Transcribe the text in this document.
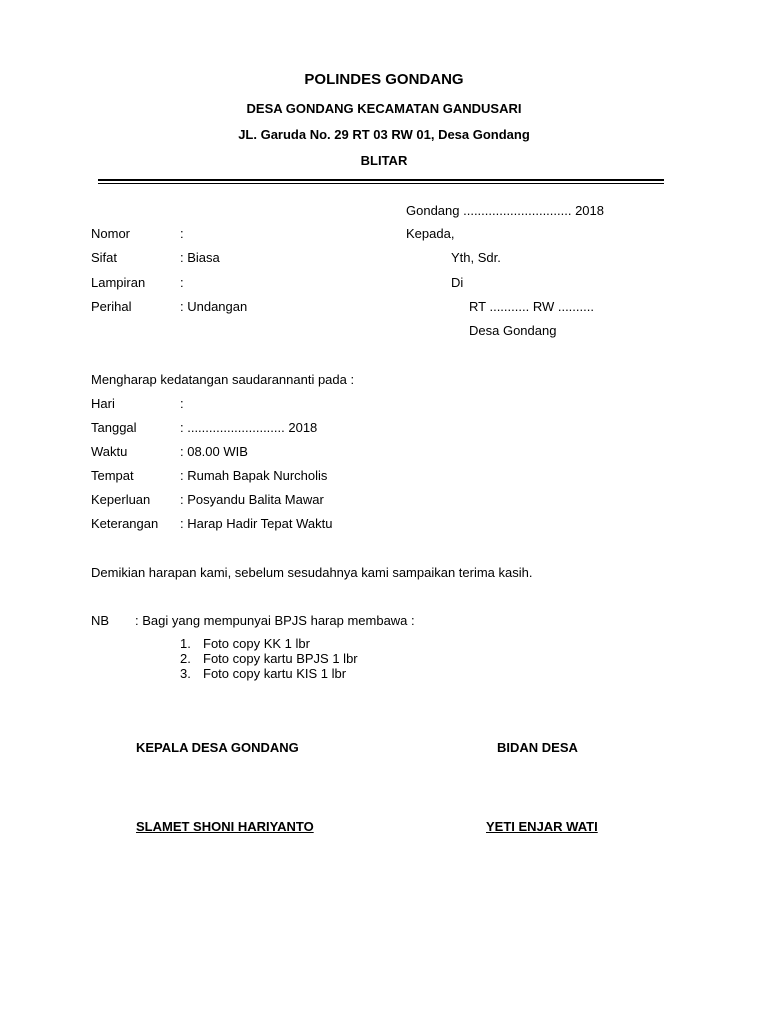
POLINDES GONDANG
DESA GONDANG KECAMATAN GANDUSARI
JL. Garuda No. 29 RT 03 RW 01, Desa Gondang
BLITAR
Gondang .............................. 2018
Nomor	:
Sifat	: Biasa
Lampiran	:
Perihal	: Undangan
Kepada,
Yth, Sdr.
Di
RT ........... RW ..........
Desa Gondang
Mengharap kedatangan saudarannanti pada :
Hari	:
Tanggal	: ........................... 2018
Waktu	: 08.00 WIB
Tempat	: Rumah Bapak Nurcholis
Keperluan : Posyandu Balita Mawar
Keterangan : Harap Hadir Tepat Waktu
Demikian harapan kami, sebelum sesudahnya kami sampaikan terima kasih.
NB : Bagi yang mempunyai BPJS harap membawa :
1. Foto copy KK 1 lbr
2. Foto copy kartu BPJS 1 lbr
3. Foto copy kartu KIS 1 lbr
KEPALA DESA GONDANG	BIDAN DESA
SLAMET SHONI HARIYANTO	YETI ENJAR WATI
